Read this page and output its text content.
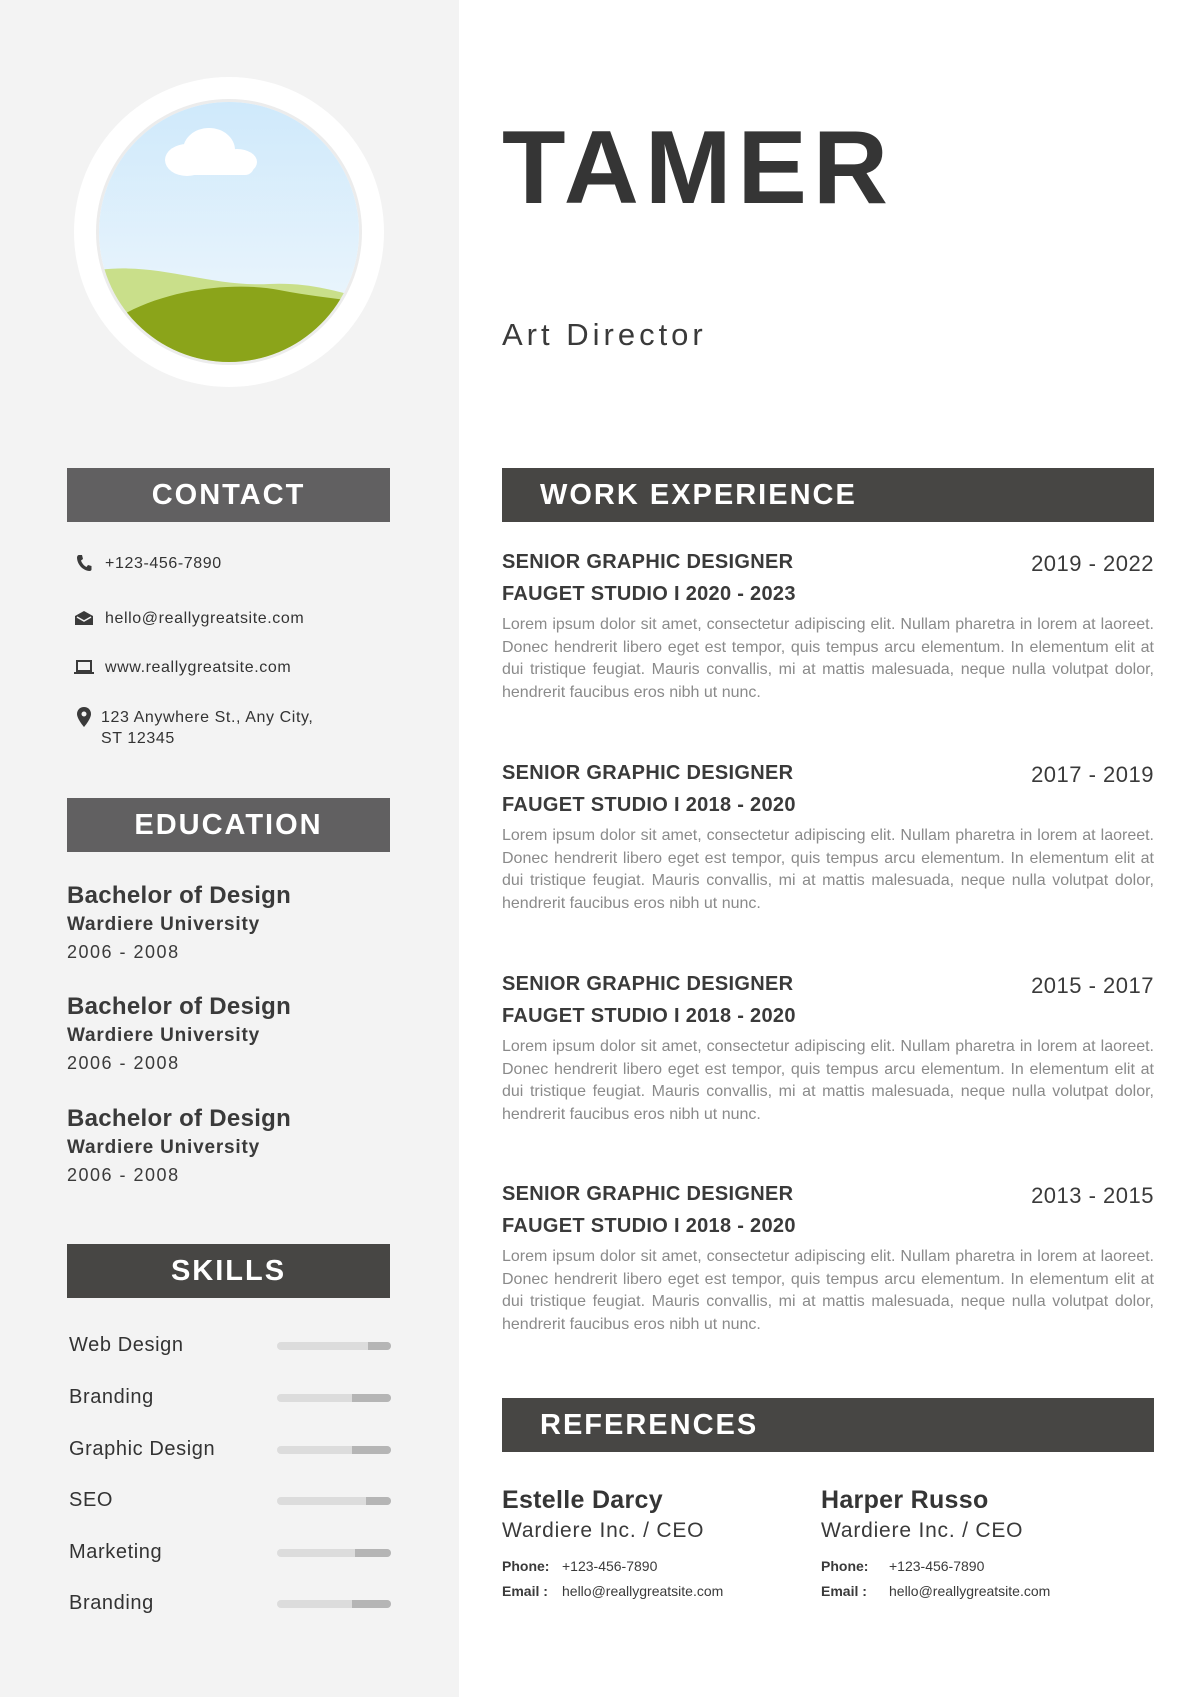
CONTACT
+123-456-7890
hello@reallygreatsite.com
www.reallygreatsite.com
123 Anywhere St., Any City,
ST 12345
EDUCATION
Bachelor of Design
Wardiere University
2006 - 2008
Bachelor of Design
Wardiere University
2006 - 2008
Bachelor of Design
Wardiere University
2006 - 2008
SKILLS
Web Design
Branding
Graphic Design
SEO
Marketing
Branding
TAMER
Art Director
WORK EXPERIENCE
SENIOR GRAPHIC DESIGNER
FAUGET STUDIO I 2020 - 2023
2019 - 2022
Lorem ipsum dolor sit amet, consectetur adipiscing elit. Nullam pharetra in lorem at laoreet. Donec hendrerit libero eget est tempor, quis tempus arcu elementum. In elementum elit at dui tristique feugiat. Mauris convallis, mi at mattis malesuada, neque nulla volutpat dolor, hendrerit faucibus eros nibh ut nunc.
SENIOR GRAPHIC DESIGNER
FAUGET STUDIO I 2018 - 2020
2017 - 2019
Lorem ipsum dolor sit amet, consectetur adipiscing elit. Nullam pharetra in lorem at laoreet. Donec hendrerit libero eget est tempor, quis tempus arcu elementum. In elementum elit at dui tristique feugiat. Mauris convallis, mi at mattis malesuada, neque nulla volutpat dolor, hendrerit faucibus eros nibh ut nunc.
SENIOR GRAPHIC DESIGNER
FAUGET STUDIO I 2018 - 2020
2015 - 2017
Lorem ipsum dolor sit amet, consectetur adipiscing elit. Nullam pharetra in lorem at laoreet. Donec hendrerit libero eget est tempor, quis tempus arcu elementum. In elementum elit at dui tristique feugiat. Mauris convallis, mi at mattis malesuada, neque nulla volutpat dolor, hendrerit faucibus eros nibh ut nunc.
SENIOR GRAPHIC DESIGNER
FAUGET STUDIO I 2018 - 2020
2013 - 2015
Lorem ipsum dolor sit amet, consectetur adipiscing elit. Nullam pharetra in lorem at laoreet. Donec hendrerit libero eget est tempor, quis tempus arcu elementum. In elementum elit at dui tristique feugiat. Mauris convallis, mi at mattis malesuada, neque nulla volutpat dolor, hendrerit faucibus eros nibh ut nunc.
REFERENCES
Estelle Darcy
Wardiere Inc. / CEO
Phone: +123-456-7890
Email :	hello@reallygreatsite.com
Harper Russo
Wardiere Inc. / CEO
Phone:	+123-456-7890
Email :	hello@reallygreatsite.com
